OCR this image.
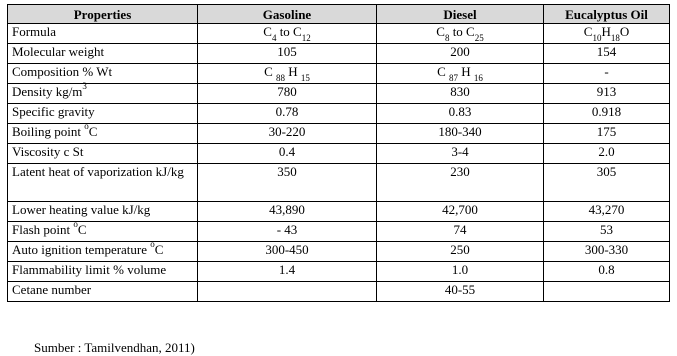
Properties	Gasoline	Diesel	Eucalyptus Oil
Formula	$C_4$ to $C_{12}$	$C_8$ to $C_{25}$	$C_{10}H_{18}O$
Molecular weight	105	200	154
Composition % Wt	C $_{88}$ H $_{15}$	C $_{87}$ H $_{16}$	-
Density $kg/m^3$	780	830	913
Specific gravity	0.78	0.83	0.918
Boiling point $^o$C	30-220	180-340	175
Viscosity c St	0.4	3-4	2.0
Latent heat of vaporization kJ/kg	350	230	305
Lower heating value kJ/kg	43,890	42,700	43,270
Flash point $^o$C	- 43	74	53
Auto ignition temperature $^o$C	300-450	250	300-330
Flammability limit % volume	1.4	1.0	0.8
Cetane number		40-55	
Sumber : Tamilvendhan, 2011)
